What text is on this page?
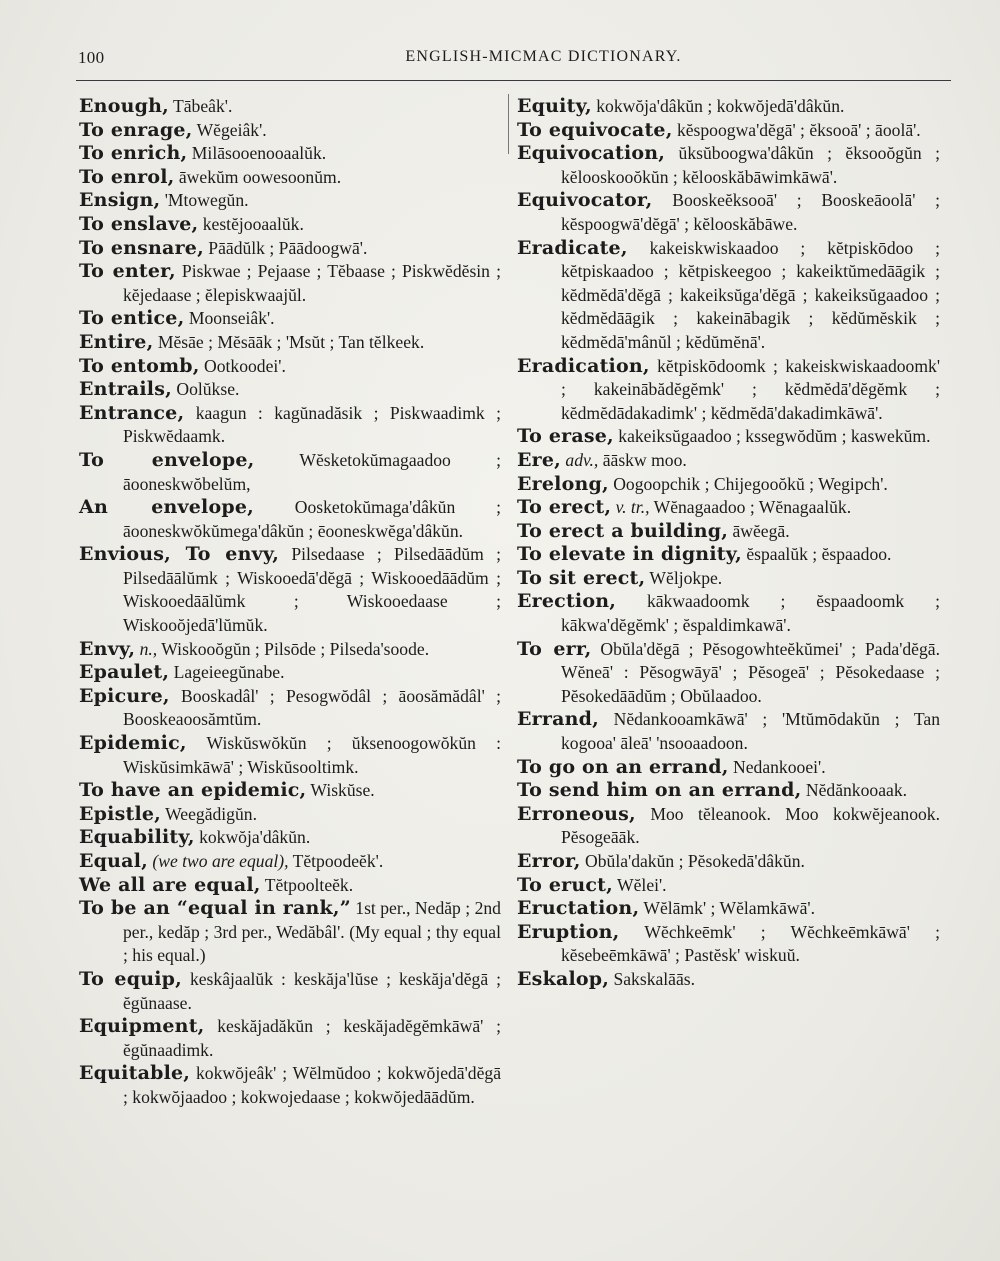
100	ENGLISH-MICMAC DICTIONARY.

Enough, Tābeâk'.

To enrage, Wĕgeiâk'.

To enrich, Milāsooenooaalŭk.

To enrol, āwekŭm oowesoonŭm.

Ensign, 'Mtowegŭn.

To enslave, kestĕjooaalŭk.

To ensnare, Pāādŭlk ; Pāādoogwā'.

To enter, Piskwae ; Pejaase ; Tĕbaase ; Piskwĕdĕsin ; kĕjedaase ; ĕlepiskwaajŭl.

To entice, Moonseiâk'.

Entire, Mĕsāe ; Mĕsāāk ; 'Msŭt ; Tan tĕlkeek.

To entomb, Ootkoodei'.

Entrails, Oolŭkse.

Entrance, kaagun : kagŭnadăsik ; Piskwaadimk ; Piskwĕdaamk.

To envelope,	Wĕsketokŭmagaadoo ; āooneskwŏbelŭm,

An envelope, Oosketokŭmaga'dâkŭn ; āooneskwŏkŭmega'dâkŭn ; ēooneskwĕga'dâkŭn.

Envious, To envy, Pilsedaase ; Pilsedāādŭm ; Pilsedāālŭmk ; Wiskooedā'dĕgā ; Wiskooedāādŭm ; Wiskooedāālŭmk ; Wiskooedaase ; Wiskooŏjedā'lŭmŭk.

Envy, n., Wiskooŏgŭn ; Pilsōde ; Pilseda'soode.

Epaulet, Lageieegŭnabe.

Epicure, Booskadâl' ; Pesogwŏdâl ; āoosămădâl' ; Booskeaoosămtŭm.

Epidemic, Wiskŭswŏkŭn ; ŭksenoogowŏkŭn : Wiskŭsimkāwā' ; Wiskŭsooltimk.

To have an epidemic, Wiskŭse.

Epistle, Weegădigŭn.

Equability, kokwŏja'dâkŭn.

Equal, (we two are equal), Tĕtpoodeĕk'.

We all are equal, Tĕtpoolteĕk.

To be an “equal in rank,” 1st per., Nedăp ; 2nd per., kedăp ; 3rd per., Wedăbâl'. (My equal ; thy equal ; his equal.)

To equip, keskâjaalŭk : keskăja'lŭse ; keskăja'dĕgā ; ĕgŭnaase.

Equipment, keskăjadăkŭn ; keskăjadĕgĕmkāwā' ; ĕgŭnaadimk.

Equitable, kokwŏjeâk' ; Wĕlmŭdoo ; kokwŏjedā'dĕgā ; kokwŏjaadoo ; kokwojedaase ; kokwŏjedāādŭm.

Equity, kokwŏja'dâkŭn ; kokwŏjedā'dâkŭn.

To equivocate, kĕspoogwa'dĕgā' ; ĕksooā' ; āoolā'.

Equivocation, ŭksŭboogwa'dâkŭn ; ĕksooŏgŭn ; kĕlooskooŏkŭn ; kĕlooskăbāwimkāwā'.

Equivocator, Booskeĕksooā' ; Booskeāoolā' ; kĕspoogwā'dĕgā' ; kĕlooskăbāwe.

Eradicate, kakeiskwiskaadoo ; kĕtpiskōdoo ; kĕtpiskaadoo ; kĕtpiskeegoo ; kakeiktŭmedāāgik ; kĕdmĕdā'dĕgā ; kakeiksŭga'dĕgā ; kakeiksŭgaadoo ; kĕdmĕdāāgik ; kakeinābagik ; kĕdŭmĕskik ; kĕdmĕdā'mânŭl ; kĕdŭmĕnā'.

Eradication, kĕtpiskōdoomk ; kakeiskwiskaadoomk' ; kakeinābădĕgĕmk' ; kĕdmĕdā'dĕgĕmk ; kĕdmĕdādakadimk' ; kĕdmĕdā'dakadimkāwā'.

To erase, kakeiksŭgaadoo ; kssegwŏdŭm ; kaswekŭm.

Ere, adv., āāskw moo.

Erelong, Oogoopchik ; Chijegooŏkŭ ; Wegipch'.

To erect, v. tr., Wĕnagaadoo ; Wĕnagaalŭk.

To erect a building, āwĕegā.

To elevate in dignity, ĕspaalŭk ; ĕspaadoo.

To sit erect, Wĕljokpe.

Erection, kākwaadoomk ; ĕspaadoomk ; kākwa'dĕgĕmk' ; ĕspaldimkawā'.

To err, Obŭla'dĕgā ; Pĕsogowhteĕkŭmei' ; Pada'dĕgā. Wĕneā' : Pĕsogwāyā' ; Pĕsogeā' ; Pĕsokedaase ; Pĕsokedāādŭm ; Obŭlaadoo.

Errand, Nĕdankooamkāwā' ; 'Mtŭmōdakŭn ; Tan kogooa' āleā' 'nsooaadoon.

To go on an errand, Nedankooei'.

To send him on an errand, Nĕdănkooaak.

Erroneous, Moo tĕleanook. Moo kokwĕjeanook. Pĕsogeāāk.

Error, Obŭla'dakŭn ; Pĕsokedā'dâkŭn.

To eruct, Wĕlei'.

Eructation, Wĕlāmk' ; Wĕlamkāwā'.

Eruption, Wĕchkeēmk' ; Wĕchkeēmkāwā' ; kĕsebeēmkāwā' ; Pastĕsk' wiskuŭ.

Eskalop, Sakskalāās.
